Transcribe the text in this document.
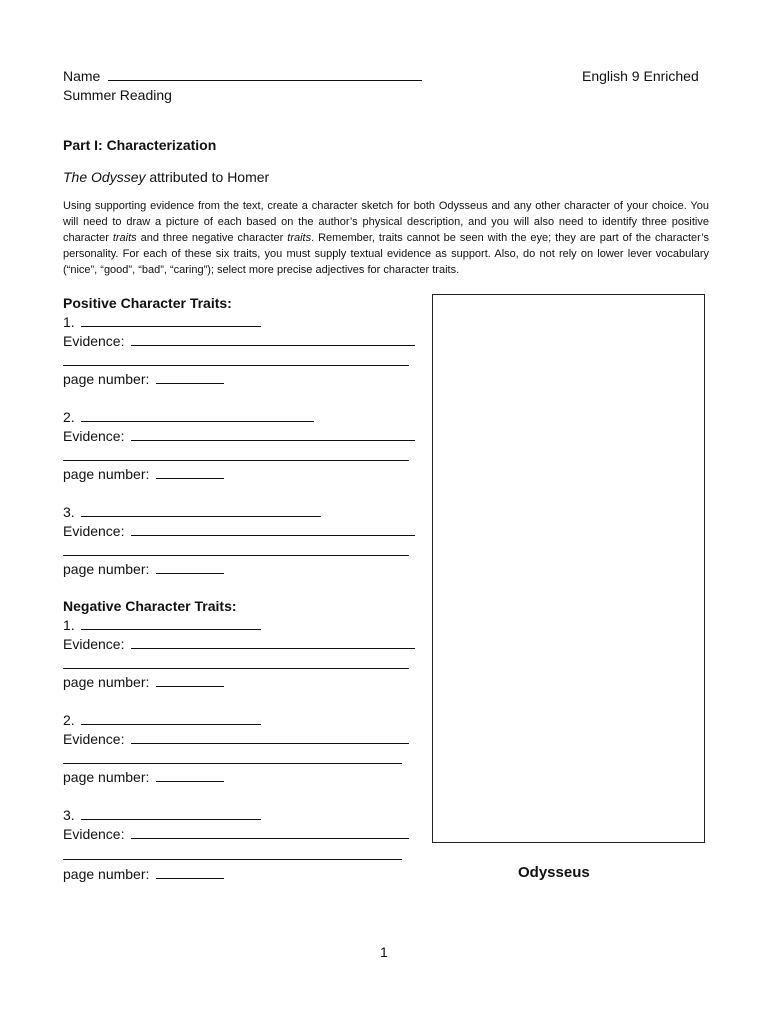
Name	English 9 Enriched
Summer Reading
Part I: Characterization
The Odyssey attributed to Homer
Using supporting evidence from the text, create a character sketch for both Odysseus and any other character of your choice. You will need to draw a picture of each based on the author’s physical description, and you will also need to identify three positive character traits and three negative character traits. Remember, traits cannot be seen with the eye; they are part of the character’s personality. For each of these six traits, you must supply textual evidence as support. Also, do not rely on lower lever vocabulary (“nice”, “good”, “bad”, “caring”); select more precise adjectives for character traits.
Positive Character Traits:
1.
Evidence:
page number:
2.
Evidence:
page number:
3.
Evidence:
page number:
Negative Character Traits:
1.
Evidence:
page number:
2.
Evidence:
page number:
3.
Evidence:
page number:	Odysseus
1
